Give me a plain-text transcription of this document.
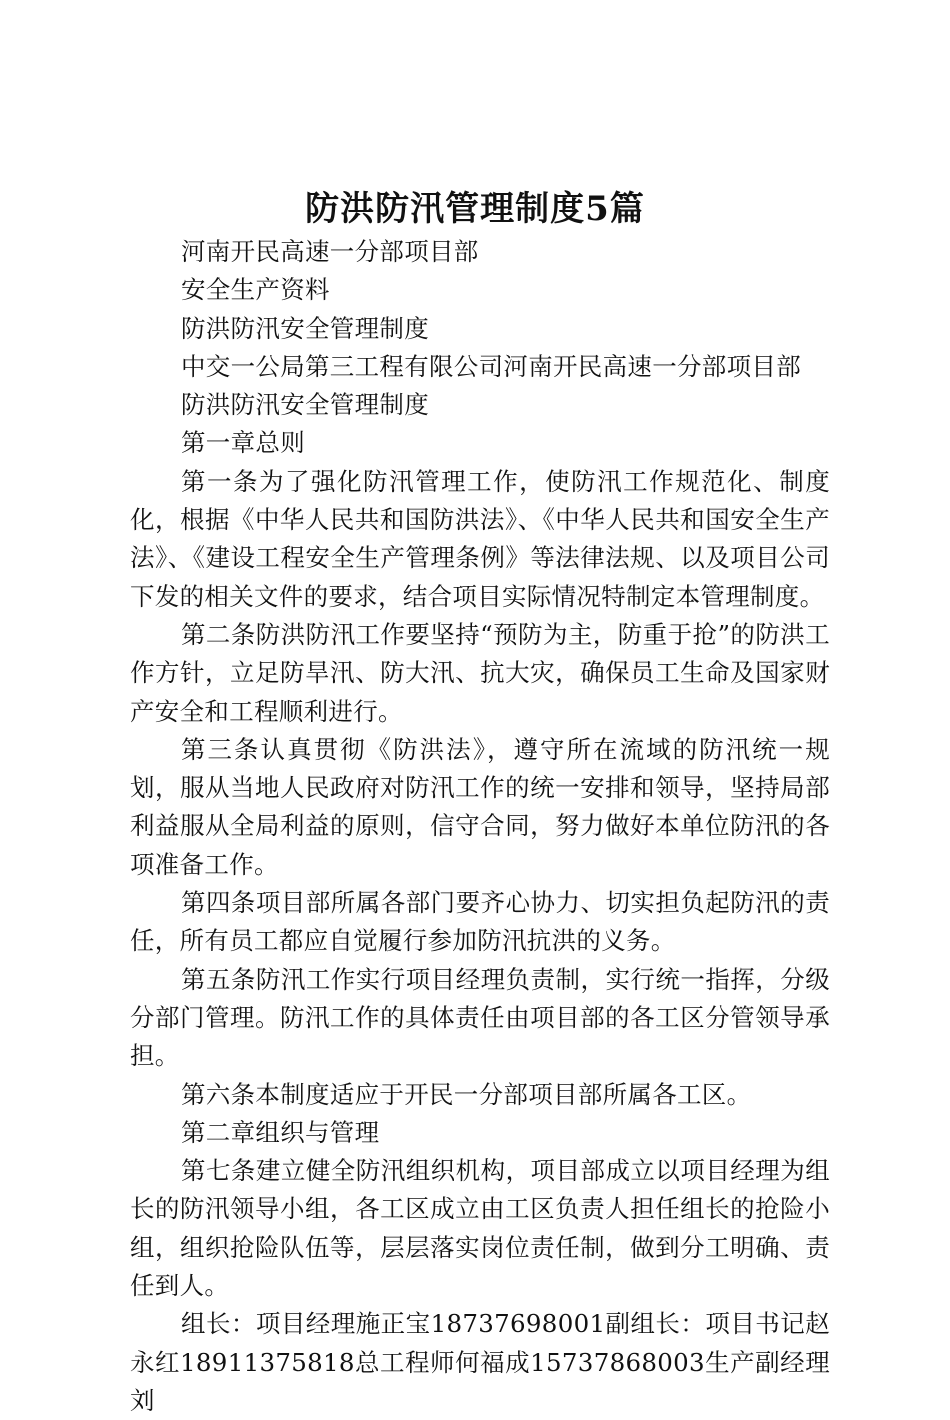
防洪防汛管理制度5篇
河南开民高速一分部项目部
安全生产资料
防洪防汛安全管理制度
中交一公局第三工程有限公司河南开民高速一分部项目部
防洪防汛安全管理制度
第一章总则

第一条为了强化防汛管理工作，使防汛工作规范化、制度化，根据《中华人民共和国防洪法》、《中华人民共和国安全生产法》、《建设工程安全生产管理条例》等法律法规、以及项目公司下发的相关文件的要求，结合项目实际情况特制定本管理制度。

第二条防洪防汛工作要坚持“预防为主，防重于抢”的防洪工作方针，立足防旱汛、防大汛、抗大灾，确保员工生命及国家财产安全和工程顺利进行。

第三条认真贯彻《防洪法》，遵守所在流域的防汛统一规划，服从当地人民政府对防汛工作的统一安排和领导，坚持局部利益服从全局利益的原则，信守合同，努力做好本单位防汛的各项准备工作。

第四条项目部所属各部门要齐心协力、切实担负起防汛的责任，所有员工都应自觉履行参加防汛抗洪的义务。

第五条防汛工作实行项目经理负责制，实行统一指挥，分级分部门管理。防汛工作的具体责任由项目部的各工区分管领导承担。

第六条本制度适应于开民一分部项目部所属各工区。

第二章组织与管理

第七条建立健全防汛组织机构，项目部成立以项目经理为组长的防汛领导小组，各工区成立由工区负责人担任组长的抢险小组，组织抢险队伍等，层层落实岗位责任制，做到分工明确、责任到人。

组长：项目经理施正宝18737698001副组长：项目书记赵永红18911375818总工程师何福成15737868003生产副经理刘
